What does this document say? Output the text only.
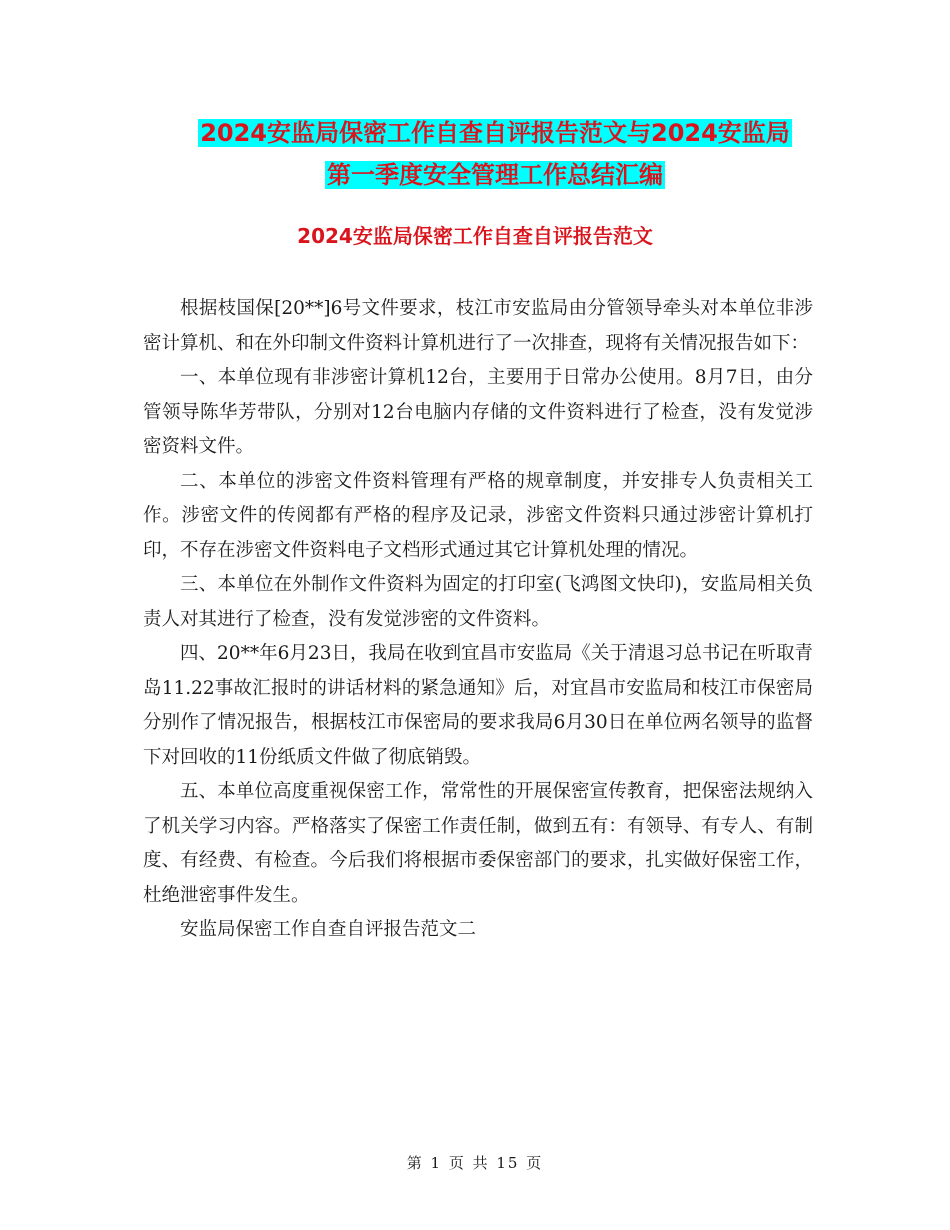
2024安监局保密工作自查自评报告范文与2024安监局
第一季度安全管理工作总结汇编
2024安监局保密工作自查自评报告范文

根据枝国保[20**]6号文件要求，枝江市安监局由分管领导牵头对本单位非涉密计算机、和在外印制文件资料计算机进行了一次排查，现将有关情况报告如下：

一、本单位现有非涉密计算机12台，主要用于日常办公使用。8月7日，由分管领导陈华芳带队，分别对12台电脑内存储的文件资料进行了检查，没有发觉涉密资料文件。

二、本单位的涉密文件资料管理有严格的规章制度，并安排专人负责相关工作。涉密文件的传阅都有严格的程序及记录，涉密文件资料只通过涉密计算机打印，不存在涉密文件资料电子文档形式通过其它计算机处理的情况。

三、本单位在外制作文件资料为固定的打印室(飞鸿图文快印)，安监局相关负责人对其进行了检查，没有发觉涉密的文件资料。

四、20**年6月23日，我局在收到宜昌市安监局《关于清退习总书记在听取青岛11.22事故汇报时的讲话材料的紧急通知》后，对宜昌市安监局和枝江市保密局分别作了情况报告，根据枝江市保密局的要求我局6月30日在单位两名领导的监督下对回收的11份纸质文件做了彻底销毁。

五、本单位高度重视保密工作，常常性的开展保密宣传教育，把保密法规纳入了机关学习内容。严格落实了保密工作责任制，做到五有：有领导、有专人、有制度、有经费、有检查。今后我们将根据市委保密部门的要求，扎实做好保密工作，杜绝泄密事件发生。

安监局保密工作自查自评报告范文二

第 1 页 共 15 页
